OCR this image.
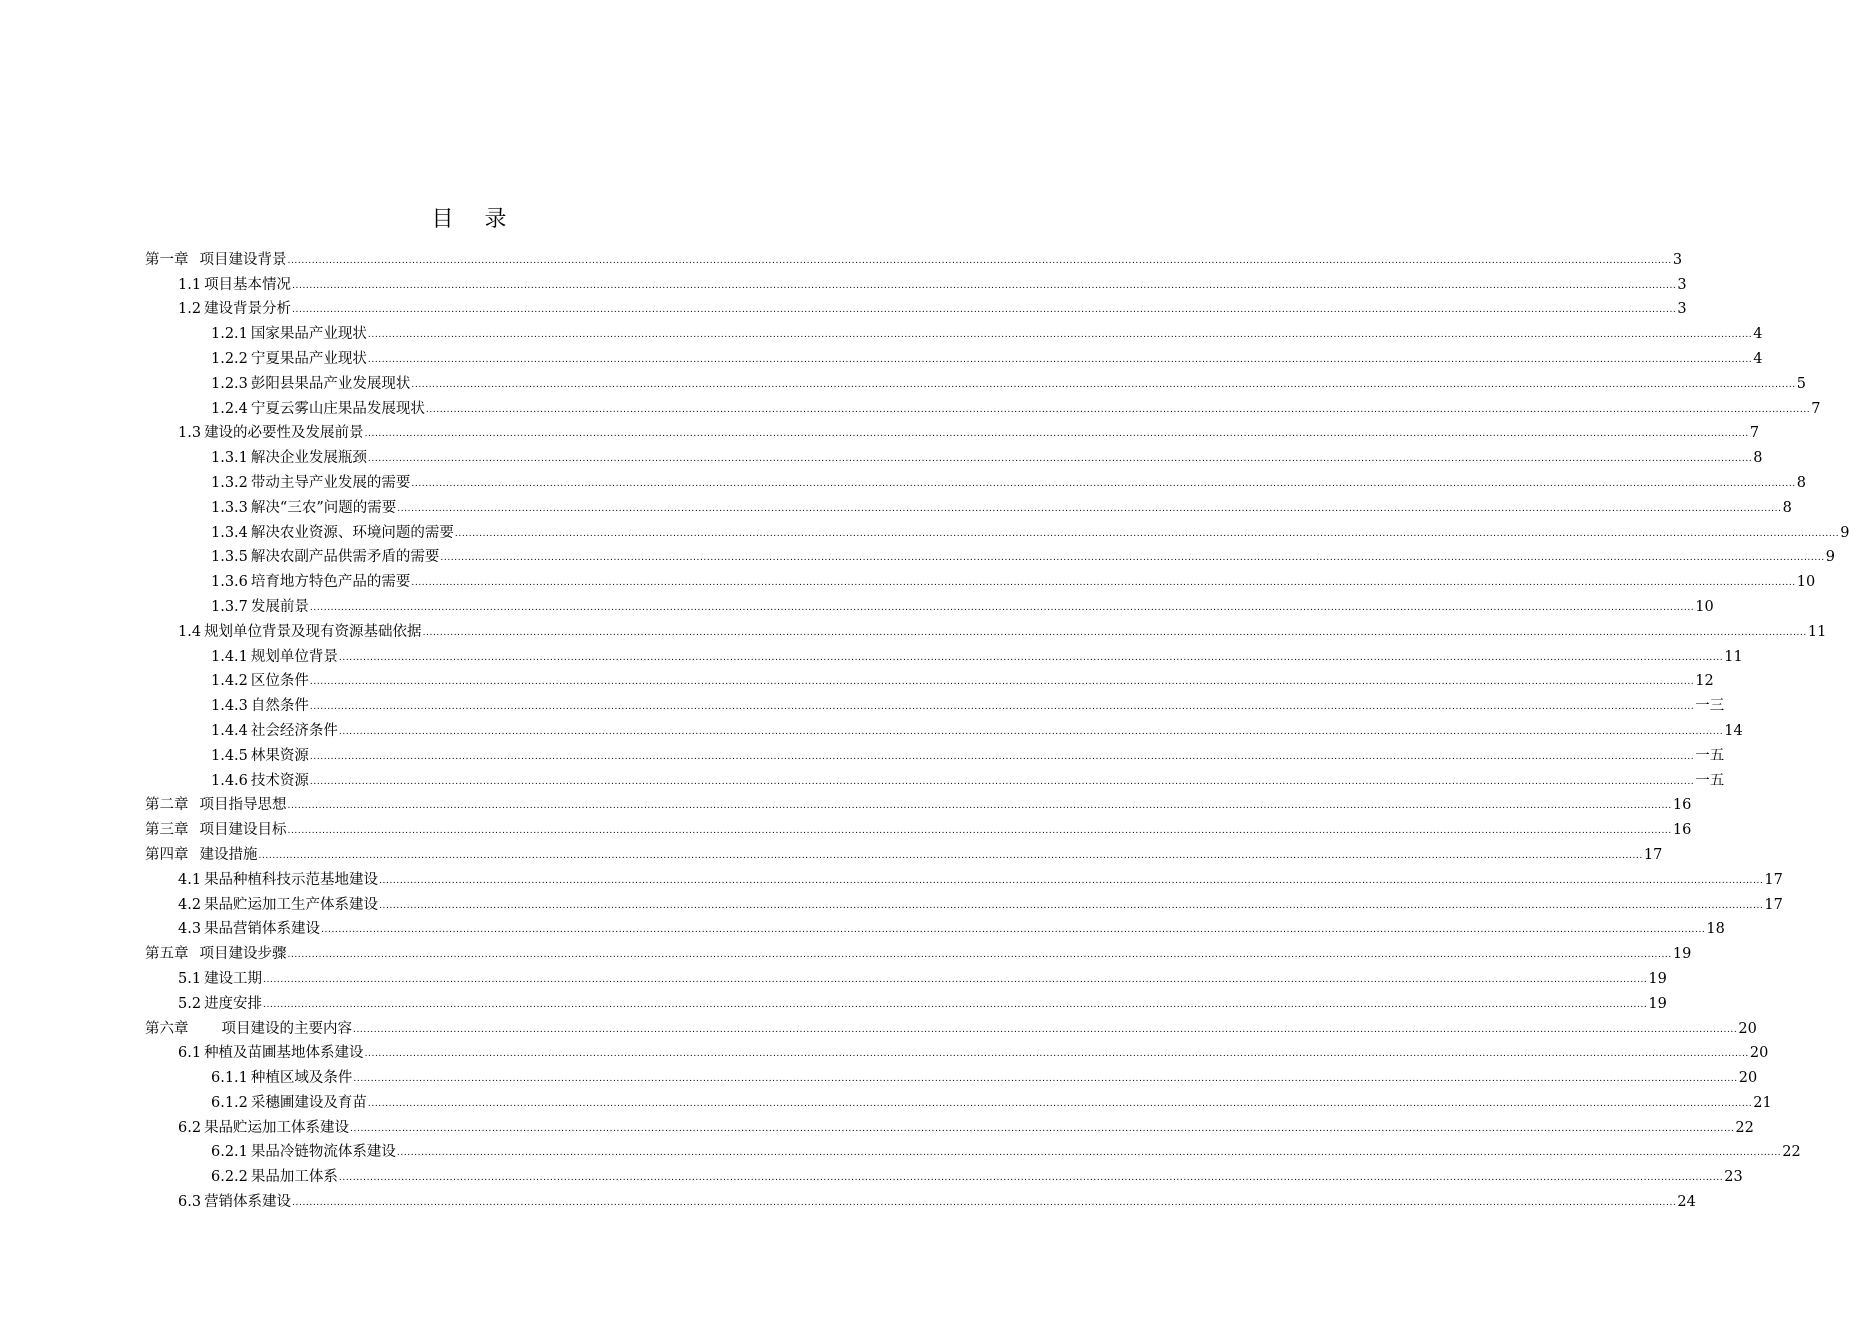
目 录
第一章 项目建设背景 ................................................................................................................................................................................................................................................................................................................................................................................................................ 3
1.1 项目基本情况 ................................................................................................................................................................................................................................................................................................................................................................................................................ 3
1.2 建设背景分析 ................................................................................................................................................................................................................................................................................................................................................................................................................ 3
1.2.1 国家果品产业现状 ................................................................................................................................................................................................................................................................................................................................................................................................................ 4
1.2.2 宁夏果品产业现状 ................................................................................................................................................................................................................................................................................................................................................................................................................ 4
1.2.3 彭阳县果品产业发展现状 ................................................................................................................................................................................................................................................................................................................................................................................................................ 5
1.2.4 宁夏云雾山庄果品发展现状 ................................................................................................................................................................................................................................................................................................................................................................................................................ 7
1.3 建设的必要性及发展前景 ................................................................................................................................................................................................................................................................................................................................................................................................................ 7
1.3.1 解决企业发展瓶颈 ................................................................................................................................................................................................................................................................................................................................................................................................................ 8
1.3.2 带动主导产业发展的需要 ................................................................................................................................................................................................................................................................................................................................................................................................................ 8
1.3.3 解决“三农”问题的需要 ................................................................................................................................................................................................................................................................................................................................................................................................................ 8
1.3.4 解决农业资源、环境问题的需要 ................................................................................................................................................................................................................................................................................................................................................................................................................ 9
1.3.5 解决农副产品供需矛盾的需要 ................................................................................................................................................................................................................................................................................................................................................................................................................ 9
1.3.6 培育地方特色产品的需要 ................................................................................................................................................................................................................................................................................................................................................................................................................ 10
1.3.7 发展前景 ................................................................................................................................................................................................................................................................................................................................................................................................................ 10
1.4 规划单位背景及现有资源基础依据 ................................................................................................................................................................................................................................................................................................................................................................................................................ 11
1.4.1 规划单位背景 ................................................................................................................................................................................................................................................................................................................................................................................................................ 11
1.4.2 区位条件 ................................................................................................................................................................................................................................................................................................................................................................................................................ 12
1.4.3 自然条件 ................................................................................................................................................................................................................................................................................................................................................................................................................ 一三
1.4.4 社会经济条件 ................................................................................................................................................................................................................................................................................................................................................................................................................ 14
1.4.5 林果资源 ................................................................................................................................................................................................................................................................................................................................................................................................................ 一五
1.4.6 技术资源 ................................................................................................................................................................................................................................................................................................................................................................................................................ 一五
第二章 项目指导思想 ................................................................................................................................................................................................................................................................................................................................................................................................................ 16
第三章 项目建设目标 ................................................................................................................................................................................................................................................................................................................................................................................................................ 16
第四章 建设措施 ................................................................................................................................................................................................................................................................................................................................................................................................................ 17
4.1 果品种植科技示范基地建设 ................................................................................................................................................................................................................................................................................................................................................................................................................ 17
4.2 果品贮运加工生产体系建设 ................................................................................................................................................................................................................................................................................................................................................................................................................ 17
4.3 果品营销体系建设 ................................................................................................................................................................................................................................................................................................................................................................................................................ 18
第五章 项目建设步骤 ................................................................................................................................................................................................................................................................................................................................................................................................................ 19
5.1 建设工期 ................................................................................................................................................................................................................................................................................................................................................................................................................ 19
5.2 进度安排 ................................................................................................................................................................................................................................................................................................................................................................................................................ 19
第六章 项目建设的主要内容 ................................................................................................................................................................................................................................................................................................................................................................................................................ 20
6.1 种植及苗圃基地体系建设 ................................................................................................................................................................................................................................................................................................................................................................................................................ 20
6.1.1 种植区域及条件 ................................................................................................................................................................................................................................................................................................................................................................................................................ 20
6.1.2 采穗圃建设及育苗 ................................................................................................................................................................................................................................................................................................................................................................................................................ 21
6.2 果品贮运加工体系建设 ................................................................................................................................................................................................................................................................................................................................................................................................................ 22
6.2.1 果品冷链物流体系建设 ................................................................................................................................................................................................................................................................................................................................................................................................................ 22
6.2.2 果品加工体系 ................................................................................................................................................................................................................................................................................................................................................................................................................ 23
6.3 营销体系建设 ................................................................................................................................................................................................................................................................................................................................................................................................................ 24
